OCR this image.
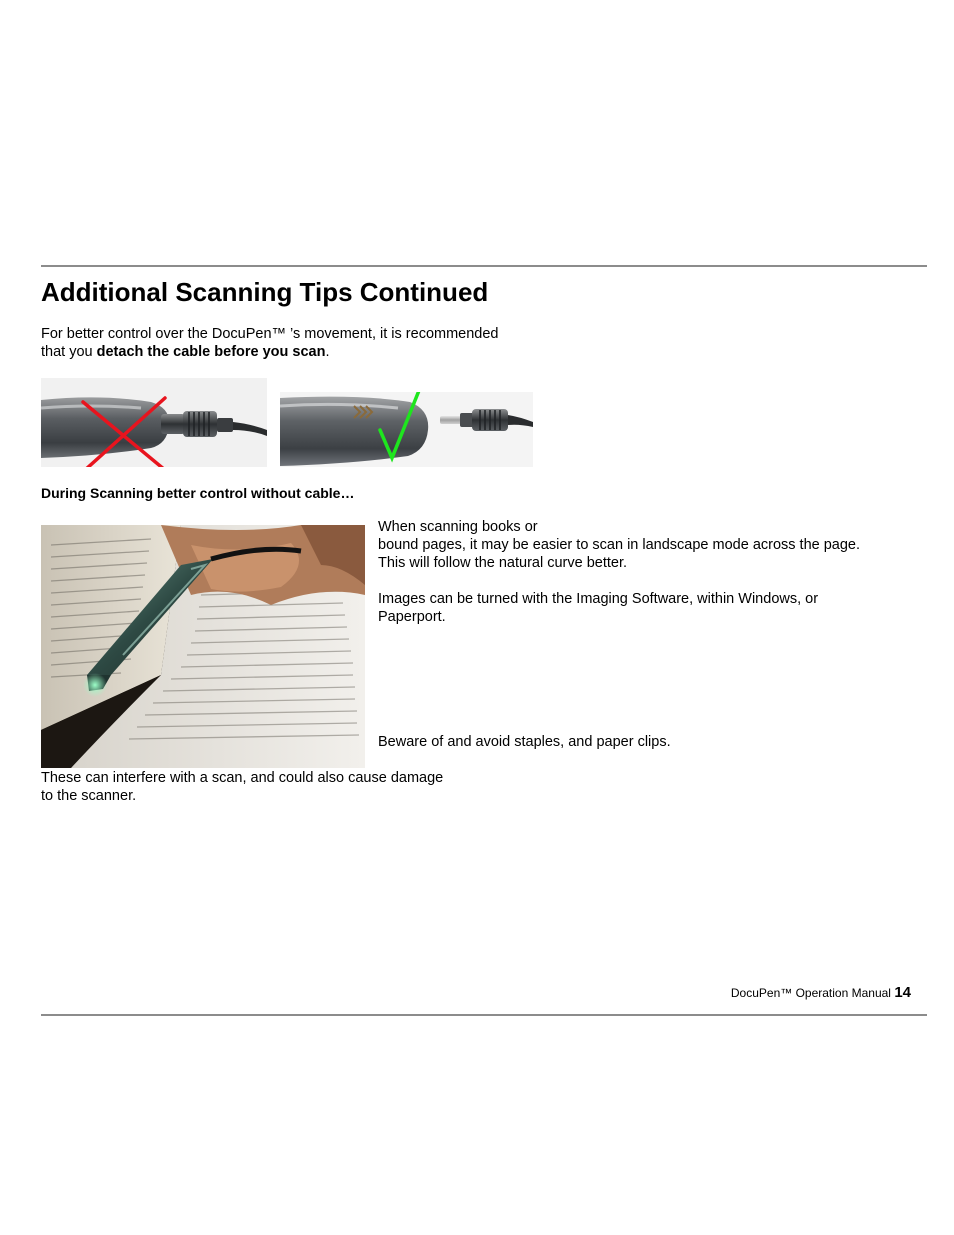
Additional Scanning Tips Continued

For better control over the DocuPen™ ’s movement, it is recommended
that you detach the cable before you scan.

During Scanning better control without cable…

When scanning books or
bound pages, it may be easier to scan in landscape mode across the page.
This will follow the natural curve better.

Images can be turned with the Imaging Software, within Windows, or
Paperport.

Beware of and avoid staples, and paper clips.

These can interfere with a scan, and could also cause damage
to the scanner.

DocuPen™ Operation Manual 14
